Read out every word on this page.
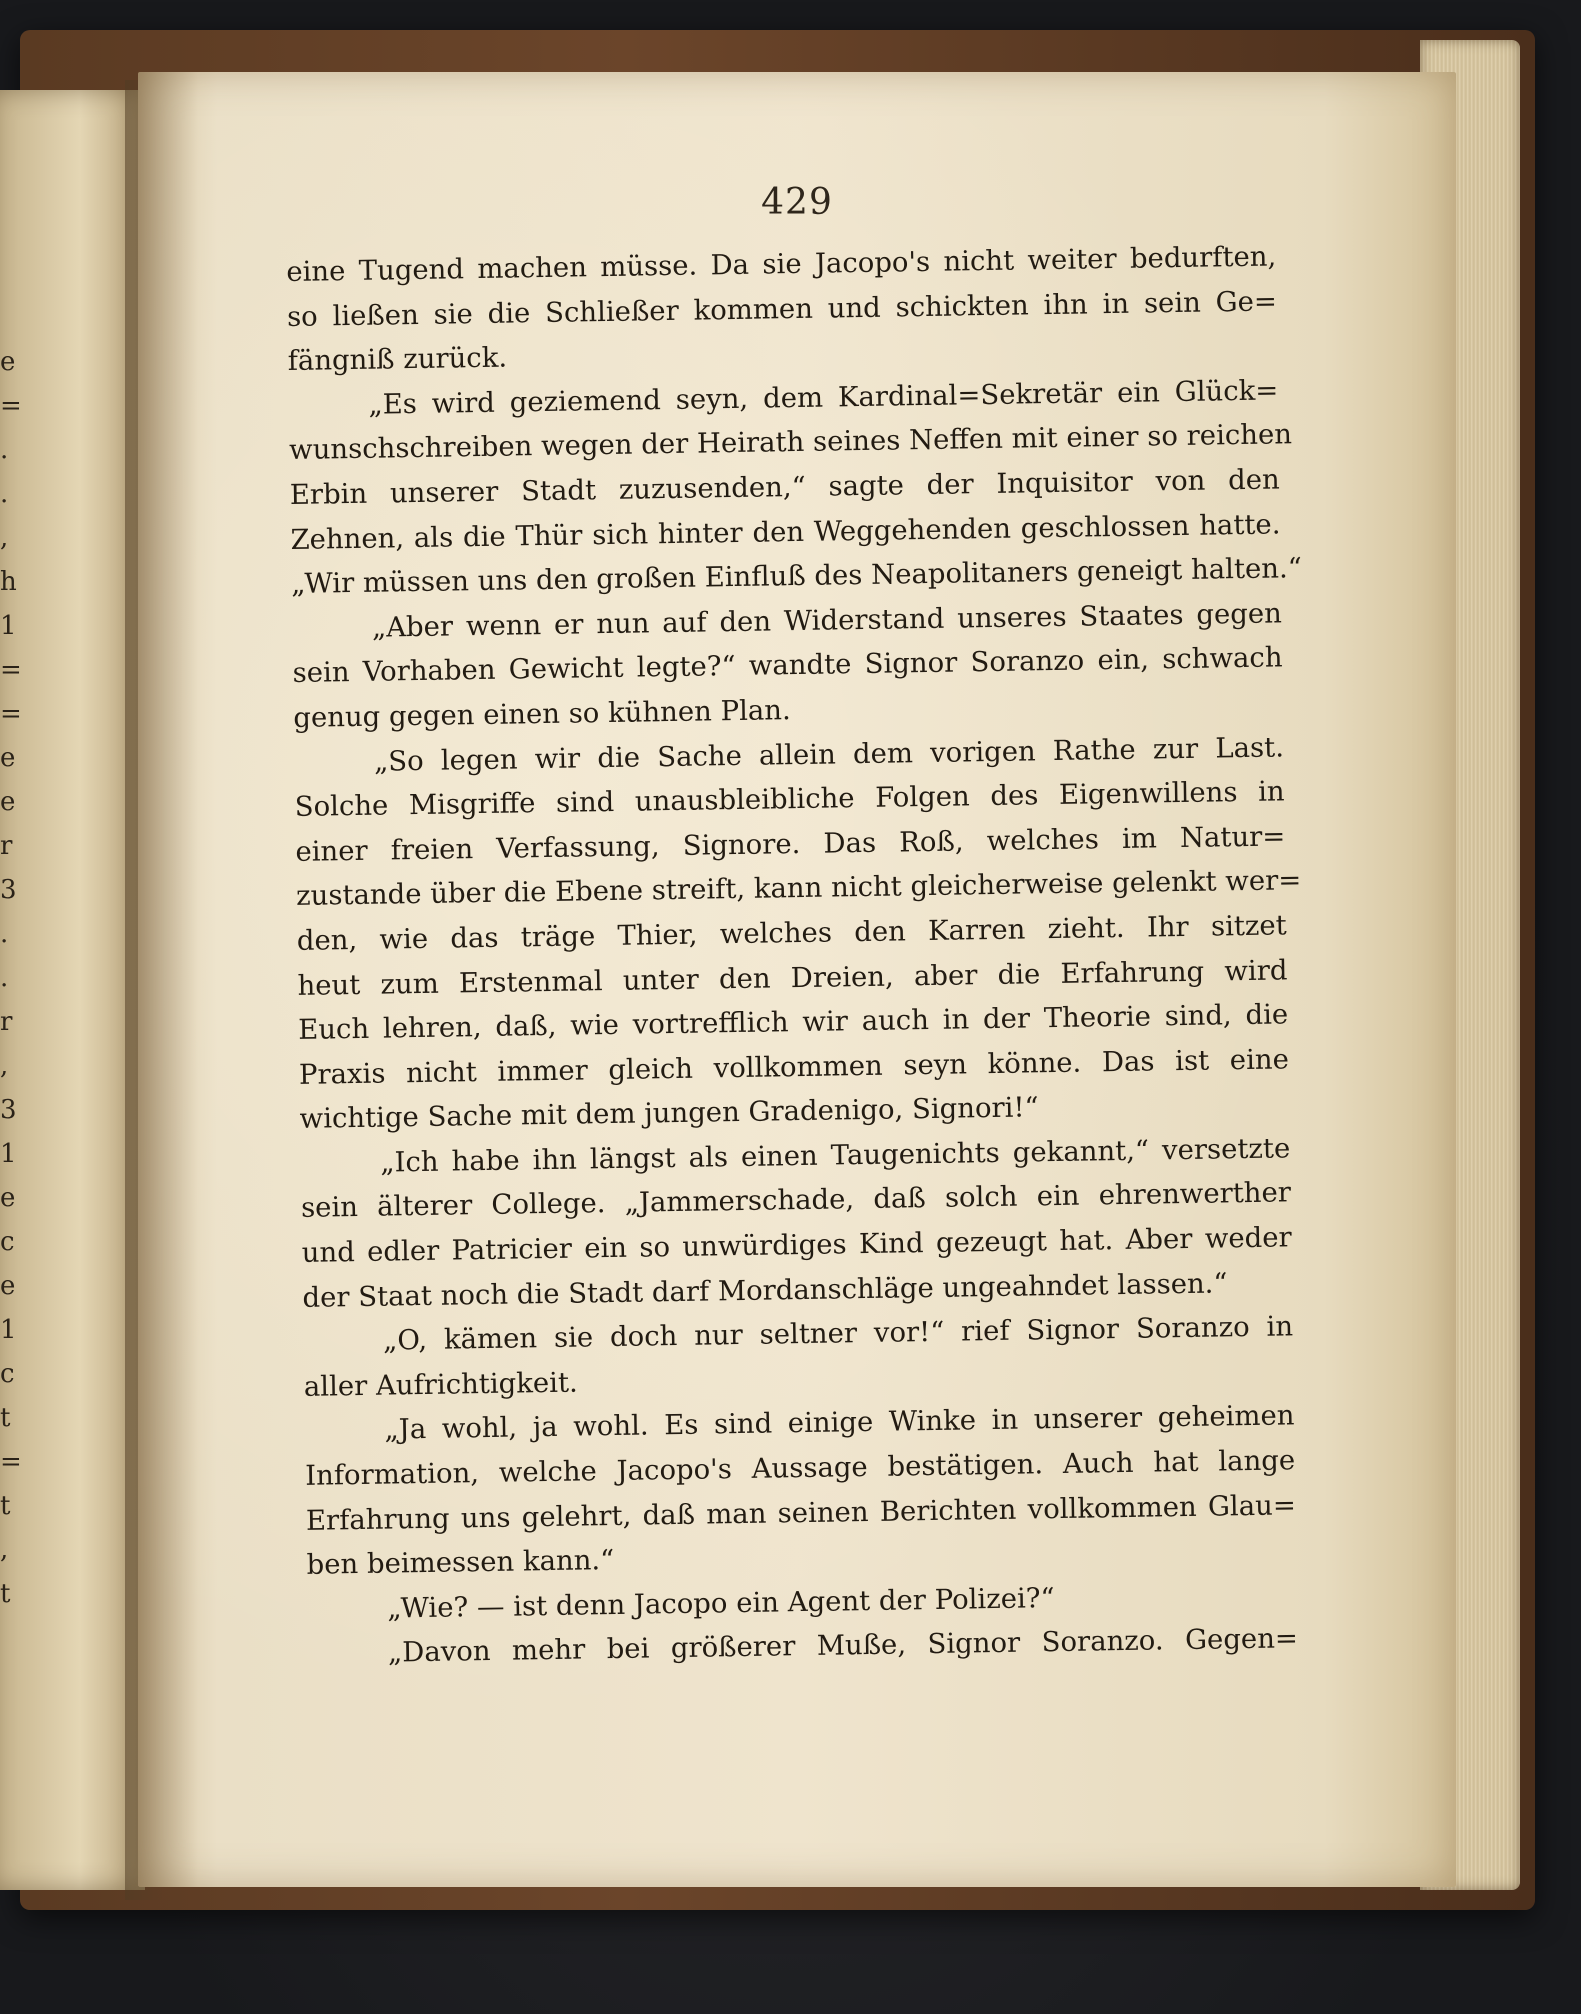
e
=
.
.
,
h
1
=
=
e
e
r
3
.
.
r
,
3
1
e
c
e
1
c
t
=
t
,
t
429
eine Tugend machen müsse. Da sie Jacopo's nicht weiter bedurften,
so ließen sie die Schließer kommen und schickten ihn in sein Ge=
fängniß zurück.
„Es wird geziemend seyn, dem Kardinal=Sekretär ein Glück=
wunschschreiben wegen der Heirath seines Neffen mit einer so reichen
Erbin unserer Stadt zuzusenden,“ sagte der Inquisitor von den
Zehnen, als die Thür sich hinter den Weggehenden geschlossen hatte.
„Wir müssen uns den großen Einfluß des Neapolitaners geneigt halten.“
„Aber wenn er nun auf den Widerstand unseres Staates gegen
sein Vorhaben Gewicht legte?“ wandte Signor Soranzo ein, schwach
genug gegen einen so kühnen Plan.
„So legen wir die Sache allein dem vorigen Rathe zur Last.
Solche Misgriffe sind unausbleibliche Folgen des Eigenwillens in
einer freien Verfassung, Signore. Das Roß, welches im Natur=
zustande über die Ebene streift, kann nicht gleicherweise gelenkt wer=
den, wie das träge Thier, welches den Karren zieht. Ihr sitzet
heut zum Erstenmal unter den Dreien, aber die Erfahrung wird
Euch lehren, daß, wie vortrefflich wir auch in der Theorie sind, die
Praxis nicht immer gleich vollkommen seyn könne. Das ist eine
wichtige Sache mit dem jungen Gradenigo, Signori!“
„Ich habe ihn längst als einen Taugenichts gekannt,“ versetzte
sein älterer College. „Jammerschade, daß solch ein ehrenwerther
und edler Patricier ein so unwürdiges Kind gezeugt hat. Aber weder
der Staat noch die Stadt darf Mordanschläge ungeahndet lassen.“
„O, kämen sie doch nur seltner vor!“ rief Signor Soranzo in
aller Aufrichtigkeit.
„Ja wohl, ja wohl. Es sind einige Winke in unserer geheimen
Information, welche Jacopo's Aussage bestätigen. Auch hat lange
Erfahrung uns gelehrt, daß man seinen Berichten vollkommen Glau=
ben beimessen kann.“
„Wie? — ist denn Jacopo ein Agent der Polizei?“
„Davon mehr bei größerer Muße, Signor Soranzo. Gegen=
